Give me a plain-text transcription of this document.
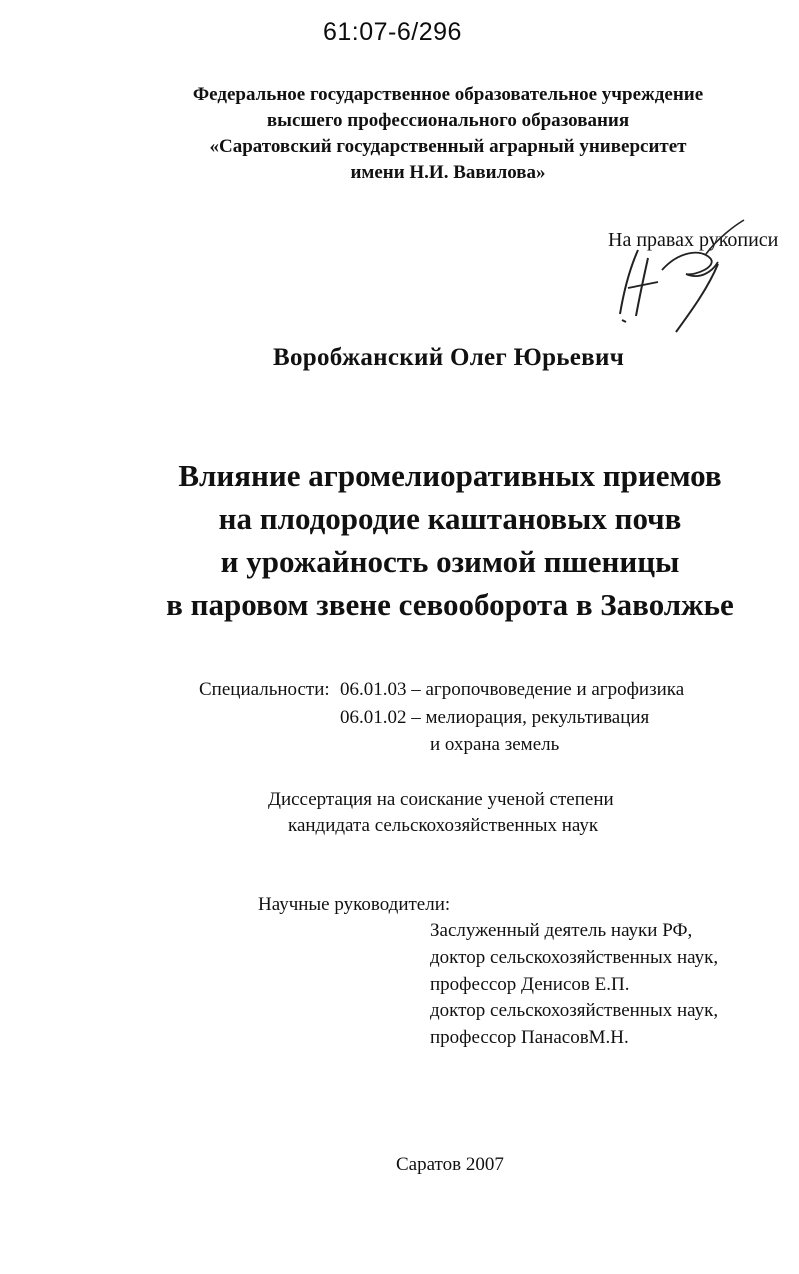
61:07-6/296
Федеральное государственное образовательное учреждение
высшего профессионального образования
«Саратовский государственный аграрный университет
имени Н.И. Вавилова»
На правах рукописи
Воробжанский Олег Юрьевич
Влияние агромелиоративных приемов
на плодородие каштановых почв
и урожайность озимой пшеницы
в паровом звене севооборота в Заволжье
Специальности: 06.01.03 – агропочвоведение и агрофизика
06.01.02 – мелиорация, рекультивация
и охрана земель
Диссертация на соискание ученой степени
кандидата сельскохозяйственных наук
Научные руководители:
Заслуженный деятель науки РФ,
доктор сельскохозяйственных наук,
профессор Денисов Е.П.
доктор сельскохозяйственных наук,
профессор ПанасовМ.Н.
Саратов 2007
